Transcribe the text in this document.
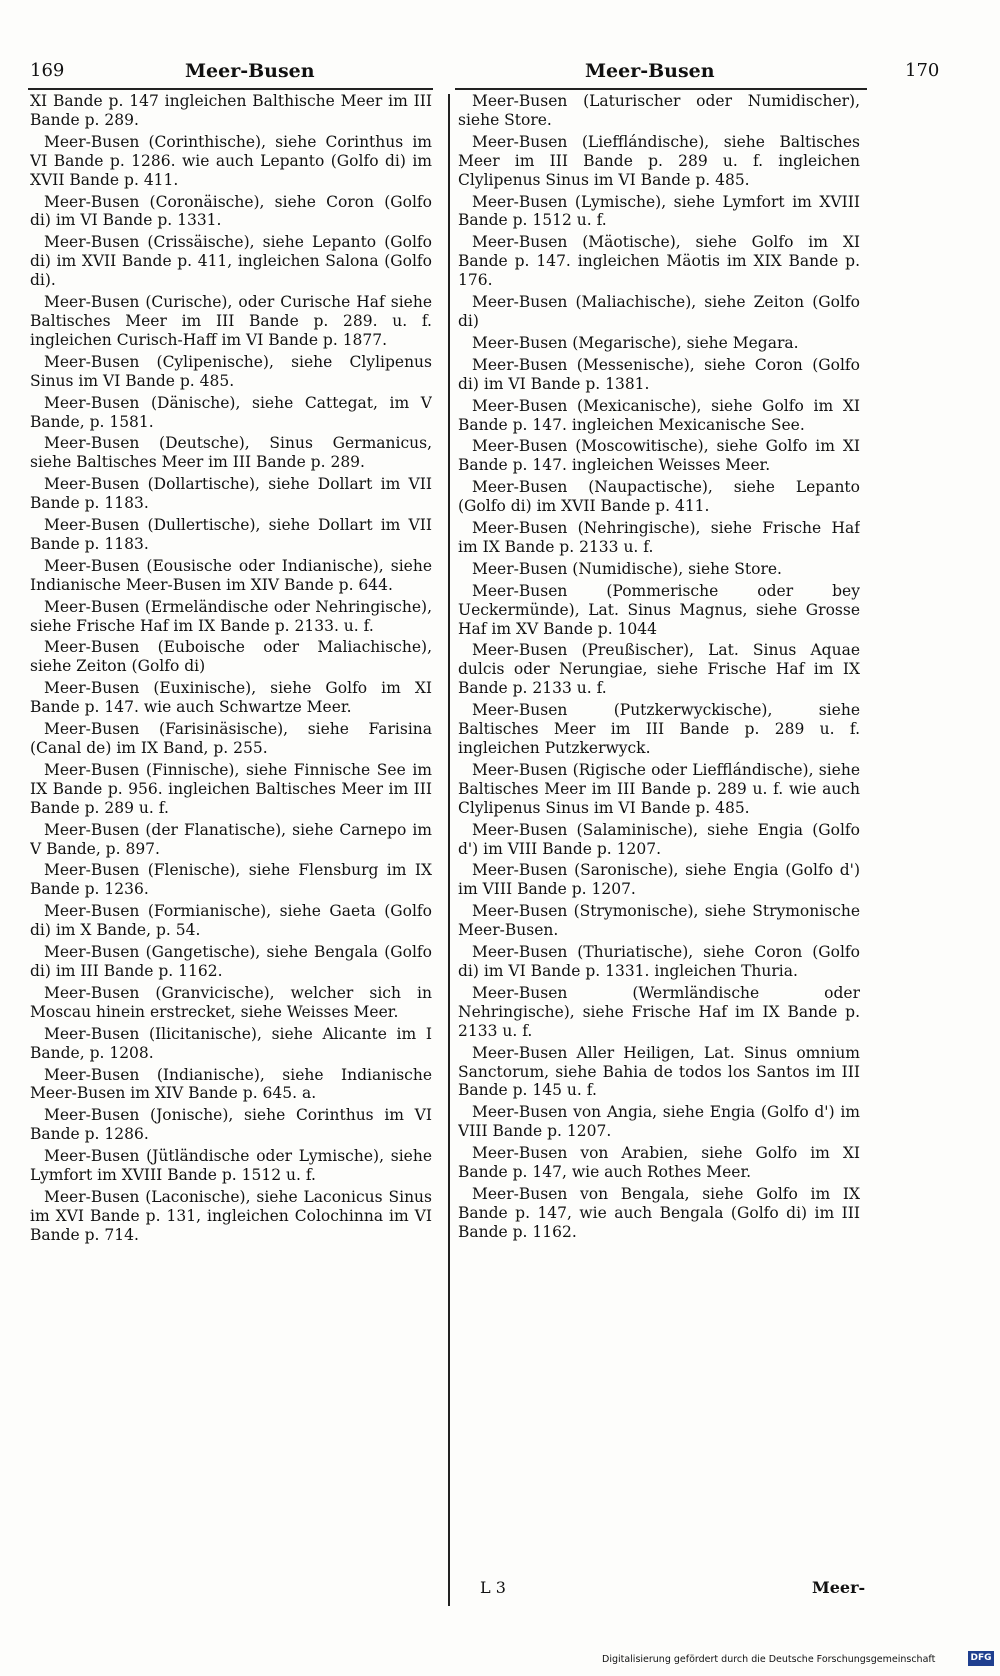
169	Meer-Busen	Meer-Busen	170

XI Bande p. 147 ingleichen Balthische Meer im III Bande p. 289.

Meer-Busen (Corinthische), siehe Corinthus im VI Bande p. 1286. wie auch Lepanto (Golfo di) im XVII Bande p. 411.

Meer-Busen (Coronäische), siehe Coron (Golfo di) im VI Bande p. 1331.

Meer-Busen (Crissäische), siehe Lepanto (Golfo di) im XVII Bande p. 411, ingleichen Salona (Golfo di).

Meer-Busen (Curische), oder Curische Haf siehe Baltisches Meer im III Bande p. 289. u. f. ingleichen Curisch-Haff im VI Bande p. 1877.

Meer-Busen (Cylipenische), siehe Clylipenus Sinus im VI Bande p. 485.

Meer-Busen (Dänische), siehe Cattegat, im V Bande, p. 1581.

Meer-Busen (Deutsche), Sinus Germanicus, siehe Baltisches Meer im III Bande p. 289.

Meer-Busen (Dollartische), siehe Dollart im VII Bande p. 1183.

Meer-Busen (Dullertische), siehe Dollart im VII Bande p. 1183.

Meer-Busen (Eousische oder Indianische), siehe Indianische Meer-Busen im XIV Bande p. 644.

Meer-Busen (Ermeländische oder Nehringische), siehe Frische Haf im IX Bande p. 2133. u. f.

Meer-Busen (Euboische oder Maliachische), siehe Zeiton (Golfo di)

Meer-Busen (Euxinische), siehe Golfo im XI Bande p. 147. wie auch Schwartze Meer.

Meer-Busen (Farisinäsische), siehe Farisina (Canal de) im IX Band, p. 255.

Meer-Busen (Finnische), siehe Finnische See im IX Bande p. 956. ingleichen Baltisches Meer im III Bande p. 289 u. f.

Meer-Busen (der Flanatische), siehe Carnepo im V Bande, p. 897.

Meer-Busen (Flenische), siehe Flensburg im IX Bande p. 1236.

Meer-Busen (Formianische), siehe Gaeta (Golfo di) im X Bande, p. 54.

Meer-Busen (Gangetische), siehe Bengala (Golfo di) im III Bande p. 1162.

Meer-Busen (Granvicische), welcher sich in Moscau hinein erstrecket, siehe Weisses Meer.

Meer-Busen (Ilicitanische), siehe Alicante im I Bande, p. 1208.

Meer-Busen (Indianische), siehe Indianische Meer-Busen im XIV Bande p. 645. a.

Meer-Busen (Jonische), siehe Corinthus im VI Bande p. 1286.

Meer-Busen (Jütländische oder Lymische), siehe Lymfort im XVIII Bande p. 1512 u. f.

Meer-Busen (Laconische), siehe Laconicus Sinus im XVI Bande p. 131, ingleichen Colochinna im VI Bande p. 714.

Meer-Busen (Laturischer oder Numidischer), siehe Store.

Meer-Busen (Liefflándische), siehe Baltisches Meer im III Bande p. 289 u. f. ingleichen Clylipenus Sinus im VI Bande p. 485.

Meer-Busen (Lymische), siehe Lymfort im XVIII Bande p. 1512 u. f.

Meer-Busen (Mäotische), siehe Golfo im XI Bande p. 147. ingleichen Mäotis im XIX Bande p. 176.

Meer-Busen (Maliachische), siehe Zeiton (Golfo di)

Meer-Busen (Megarische), siehe Megara.

Meer-Busen (Messenische), siehe Coron (Golfo di) im VI Bande p. 1381.

Meer-Busen (Mexicanische), siehe Golfo im XI Bande p. 147. ingleichen Mexicanische See.

Meer-Busen (Moscowitische), siehe Golfo im XI Bande p. 147. ingleichen Weisses Meer.

Meer-Busen (Naupactische), siehe Lepanto (Golfo di) im XVII Bande p. 411.

Meer-Busen (Nehringische), siehe Frische Haf im IX Bande p. 2133 u. f.

Meer-Busen (Numidische), siehe Store.

Meer-Busen (Pommerische oder bey Ueckermünde), Lat. Sinus Magnus, siehe Grosse Haf im XV Bande p. 1044

Meer-Busen (Preußischer), Lat. Sinus Aquae dulcis oder Nerungiae, siehe Frische Haf im IX Bande p. 2133 u. f.

Meer-Busen (Putzkerwyckische), siehe Baltisches Meer im III Bande p. 289 u. f. ingleichen Putzkerwyck.

Meer-Busen (Rigische oder Liefflándische), siehe Baltisches Meer im III Bande p. 289 u. f. wie auch Clylipenus Sinus im VI Bande p. 485.

Meer-Busen (Salaminische), siehe Engia (Golfo d') im VIII Bande p. 1207.

Meer-Busen (Saronische), siehe Engia (Golfo d') im VIII Bande p. 1207.

Meer-Busen (Strymonische), siehe Strymonische Meer-Busen.

Meer-Busen (Thuriatische), siehe Coron (Golfo di) im VI Bande p. 1331. ingleichen Thuria.

Meer-Busen (Wermländische oder Nehringische), siehe Frische Haf im IX Bande p. 2133 u. f.

Meer-Busen Aller Heiligen, Lat. Sinus omnium Sanctorum, siehe Bahia de todos los Santos im III Bande p. 145 u. f.

Meer-Busen von Angia, siehe Engia (Golfo d') im VIII Bande p. 1207.

Meer-Busen von Arabien, siehe Golfo im XI Bande p. 147, wie auch Rothes Meer.

Meer-Busen von Bengala, siehe Golfo im IX Bande p. 147, wie auch Bengala (Golfo di) im III Bande p. 1162.

L 3	Meer-
Digitalisierung gefördert durch die Deutsche Forschungsgemeinschaft	DFG
